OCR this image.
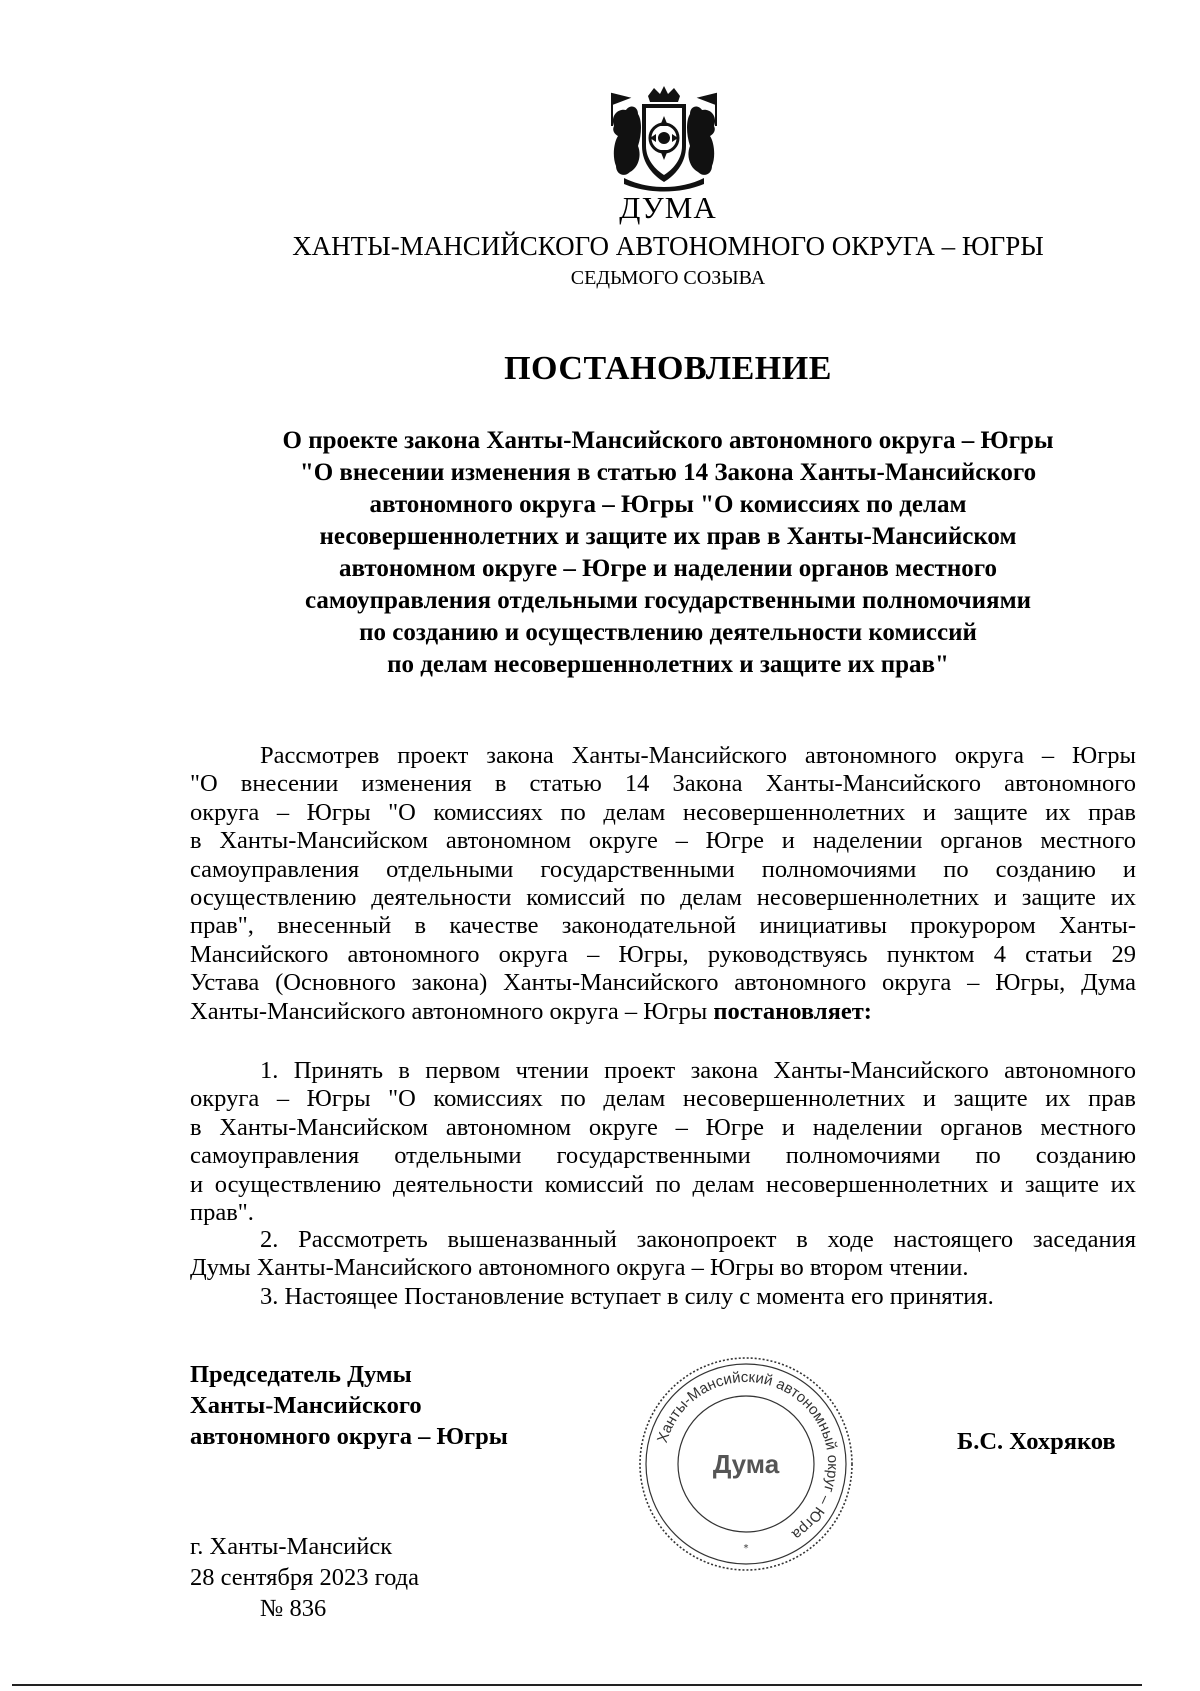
ДУМА
ХАНТЫ-МАНСИЙСКОГО АВТОНОМНОГО ОКРУГА – ЮГРЫ
СЕДЬМОГО СОЗЫВА
ПОСТАНОВЛЕНИЕ
О проекте закона Ханты-Мансийского автономного округа – Югры
"О внесении изменения в статью 14 Закона Ханты-Мансийского
автономного округа – Югры "О комиссиях по делам
несовершеннолетних и защите их прав в Ханты-Мансийском
автономном округе – Югре и наделении органов местного
самоуправления отдельными государственными полномочиями
по созданию и осуществлению деятельности комиссий
по делам несовершеннолетних и защите их прав"
Рассмотрев проект закона Ханты-Мансийского автономного округа – Югры
"О внесении изменения в статью 14 Закона Ханты-Мансийского автономного
округа – Югры "О комиссиях по делам несовершеннолетних и защите их прав
в Ханты-Мансийском автономном округе – Югре и наделении органов местного
самоуправления отдельными государственными полномочиями по созданию и
осуществлению деятельности комиссий по делам несовершеннолетних и защите их
прав", внесенный в качестве законодательной инициативы прокурором Ханты-
Мансийского автономного округа – Югры, руководствуясь пунктом 4 статьи 29
Устава (Основного закона) Ханты-Мансийского автономного округа – Югры, Дума
Ханты-Мансийского автономного округа – Югры постановляет:
1. Принять в первом чтении проект закона Ханты-Мансийского автономного
округа – Югры "О комиссиях по делам несовершеннолетних и защите их прав
в Ханты-Мансийском автономном округе – Югре и наделении органов местного
самоуправления отдельными государственными полномочиями по созданию
и осуществлению деятельности комиссий по делам несовершеннолетних и защите их
прав".
2. Рассмотреть вышеназванный законопроект в ходе настоящего заседания
Думы Ханты-Мансийского автономного округа – Югры во втором чтении.
3. Настоящее Постановление вступает в силу с момента его принятия.
Председатель Думы
Ханты-Мансийского
автономного округа – Югры	Ханты-Мансийский автономный округ – Югра
Дума
*
Б.С. Хохряков
г. Ханты-Мансийск
28 сентября 2023 года
№ 836
